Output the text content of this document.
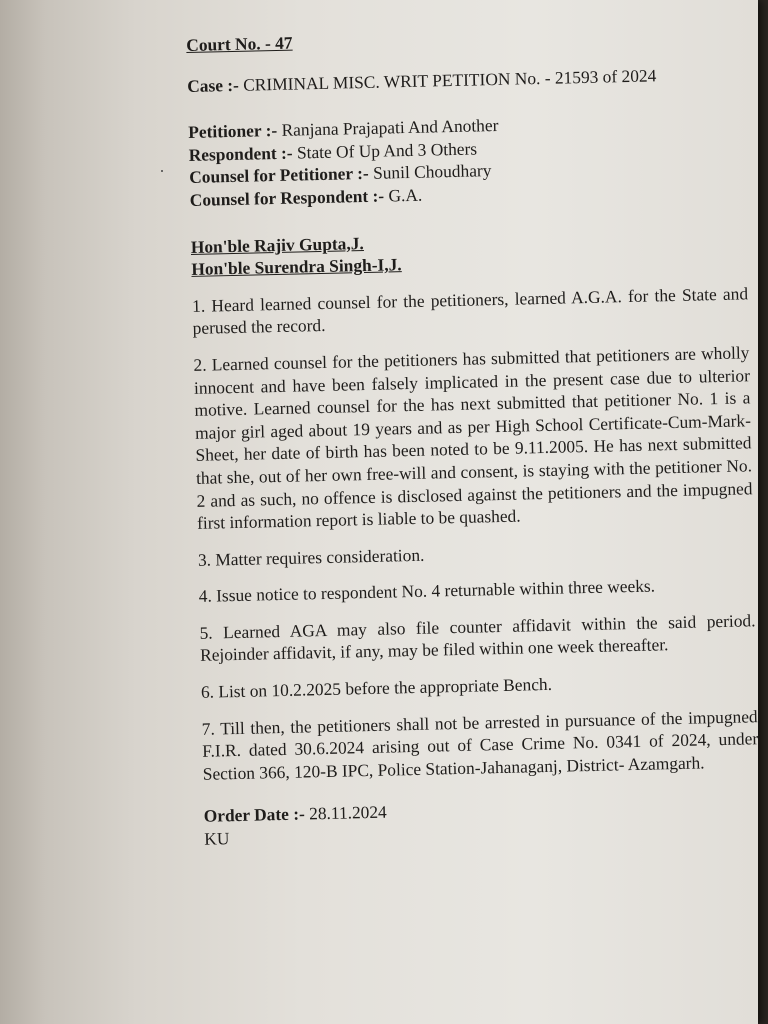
Court No. - 47
Case :- CRIMINAL MISC. WRIT PETITION No. - 21593 of 2024
Petitioner :- Ranjana Prajapati And Another
Respondent :- State Of Up And 3 Others
Counsel for Petitioner :- Sunil Choudhary
Counsel for Respondent :- G.A.
Hon'ble Rajiv Gupta,J.
Hon'ble Surendra Singh-I,J.

1. Heard learned counsel for the petitioners, learned A.G.A. for the State and perused the record.

2. Learned counsel for the petitioners has submitted that petitioners are wholly innocent and have been falsely implicated in the present case due to ulterior motive. Learned counsel for the has next submitted that petitioner No. 1 is a major girl aged about 19 years and as per High School Certificate-Cum-Mark-Sheet, her date of birth has been noted to be 9.11.2005. He has next submitted that she, out of her own free-will and consent, is staying with the petitioner No. 2 and as such, no offence is disclosed against the petitioners and the impugned first information report is liable to be quashed.

3. Matter requires consideration.

4. Issue notice to respondent No. 4 returnable within three weeks.

5. Learned AGA may also file counter affidavit within the said period. Rejoinder affidavit, if any, may be filed within one week thereafter.

6. List on 10.2.2025 before the appropriate Bench.

7. Till then, the petitioners shall not be arrested in pursuance of the impugned F.I.R. dated 30.6.2024 arising out of Case Crime No. 0341 of 2024, under Section 366, 120-B IPC, Police Station-Jahanaganj, District- Azamgarh.

Order Date :- 28.11.2024
KU
